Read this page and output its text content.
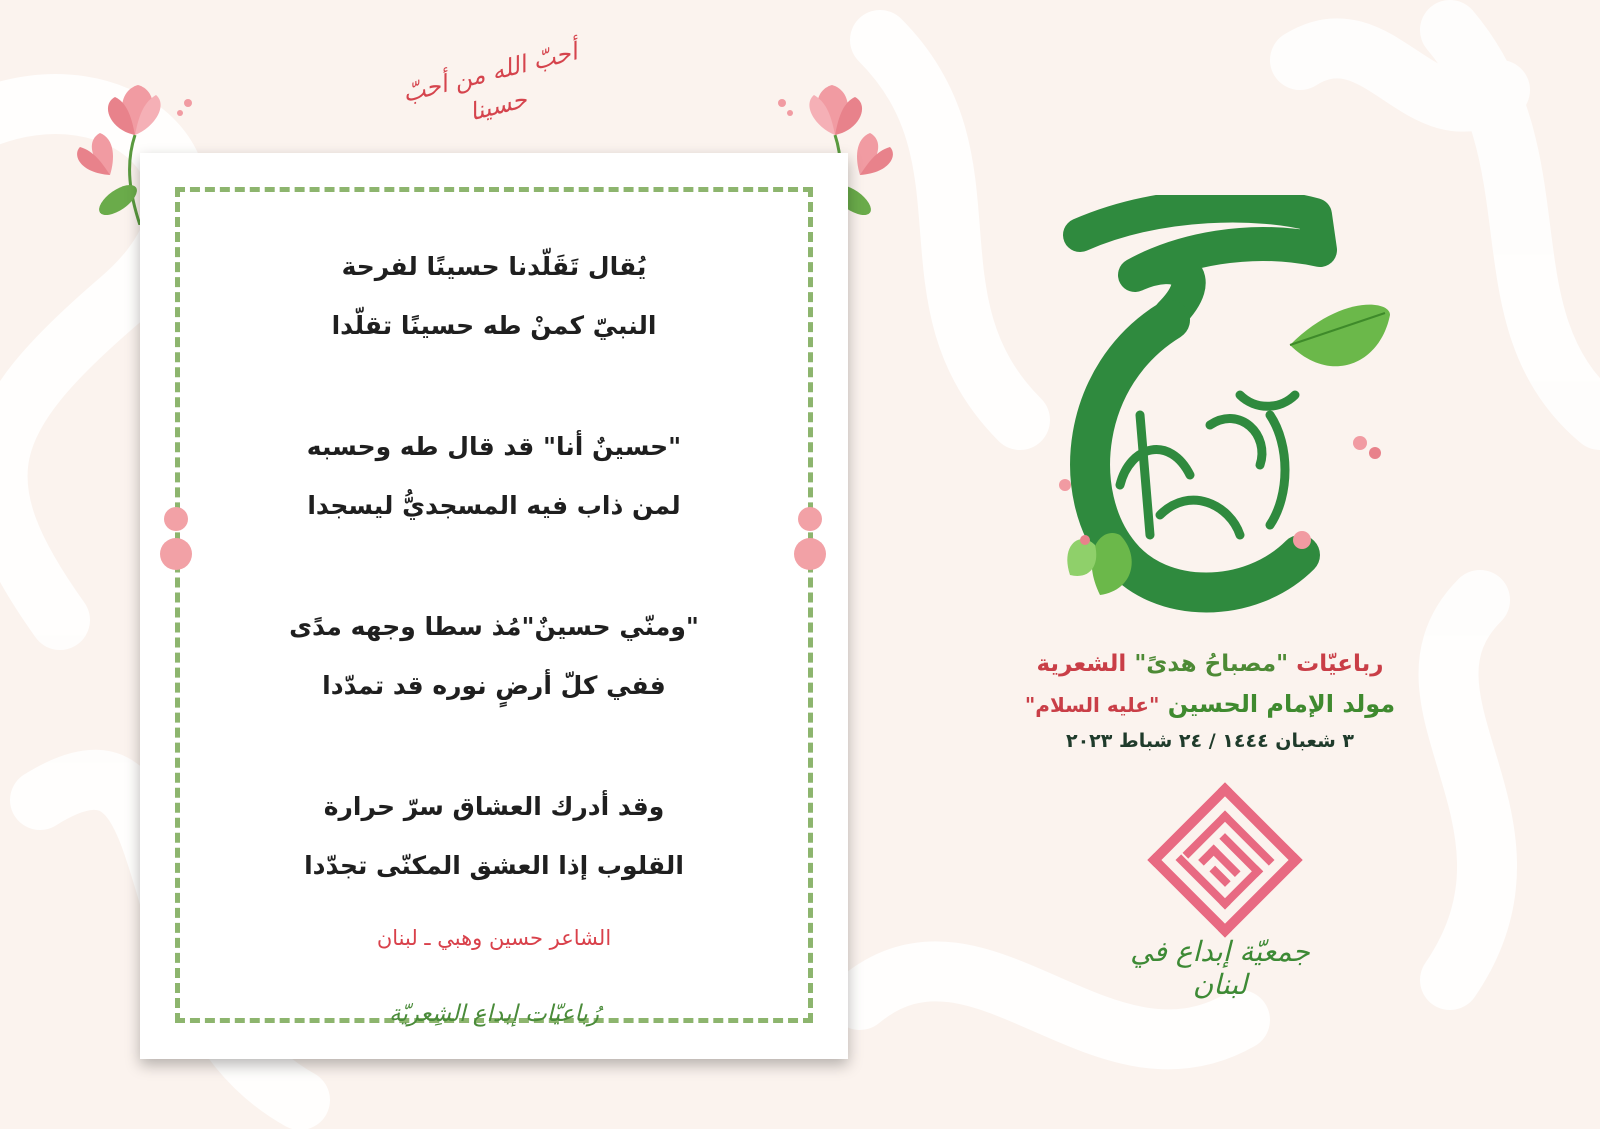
أحبّ الله من أحبّ حسينا
يُقال تَقَلّدنا حسينًا لفرحة
النبيّ كمنْ طه حسينًا تقلّدا
"حسينٌ أنا" قد قال طه وحسبه
لمن ذاب فيه المسجديُّ ليسجدا
"ومنّي حسينٌ"مُذ سطا وجهه مدًى
ففي كلّ أرضٍ نوره قد تمدّدا
وقد أدرك العشاق سرّ حرارة
القلوب إذا العشق المكنّى تجدّدا
الشاعر حسين وهبي ـ لبنان
رُباعيّات إبداع الشِعريّة
رباعيّات "مصباحُ هدىً" الشعرية
مولد الإمام الحسين "عليه السلام"
٣ شعبان ١٤٤٤ / ٢٤ شباط ٢٠٢٣
جمعيّة إبداع في لبنان
